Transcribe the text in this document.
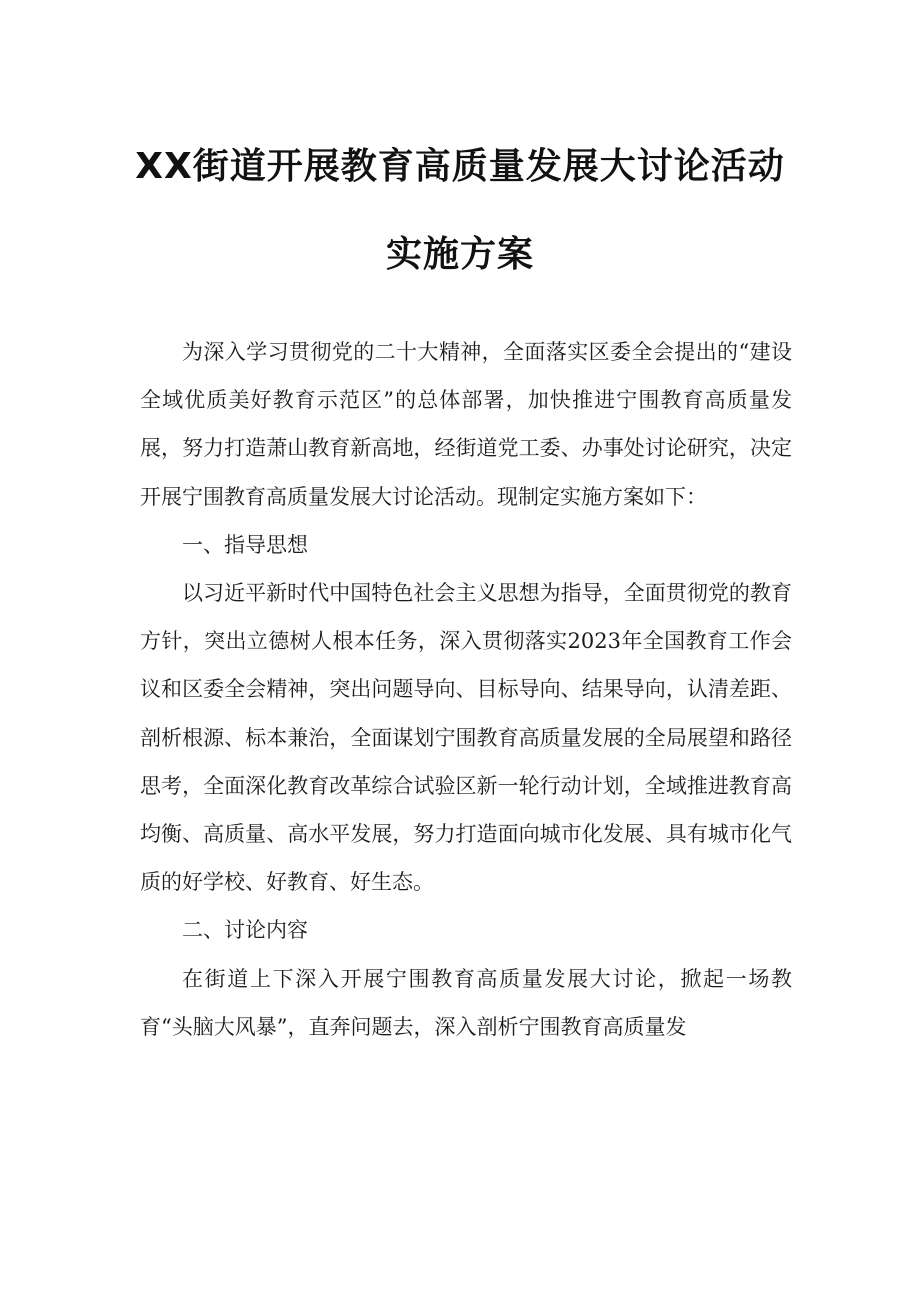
XX街道开展教育高质量发展大讨论活动
实施方案

为深入学习贯彻党的二十大精神，全面落实区委全会提出的“建设全域优质美好教育示范区”的总体部署，加快推进宁围教育高质量发展，努力打造萧山教育新高地，经街道党工委、办事处讨论研究，决定开展宁围教育高质量发展大讨论活动。现制定实施方案如下：

一、指导思想

以习近平新时代中国特色社会主义思想为指导，全面贯彻党的教育方针，突出立德树人根本任务，深入贯彻落实2023年全国教育工作会议和区委全会精神，突出问题导向、目标导向、结果导向，认清差距、剖析根源、标本兼治，全面谋划宁围教育高质量发展的全局展望和路径思考，全面深化教育改革综合试验区新一轮行动计划，全域推进教育高均衡、高质量、高水平发展，努力打造面向城市化发展、具有城市化气质的好学校、好教育、好生态。

二、讨论内容

在街道上下深入开展宁围教育高质量发展大讨论，掀起一场教育“头脑大风暴”，直奔问题去，深入剖析宁围教育高质量发
